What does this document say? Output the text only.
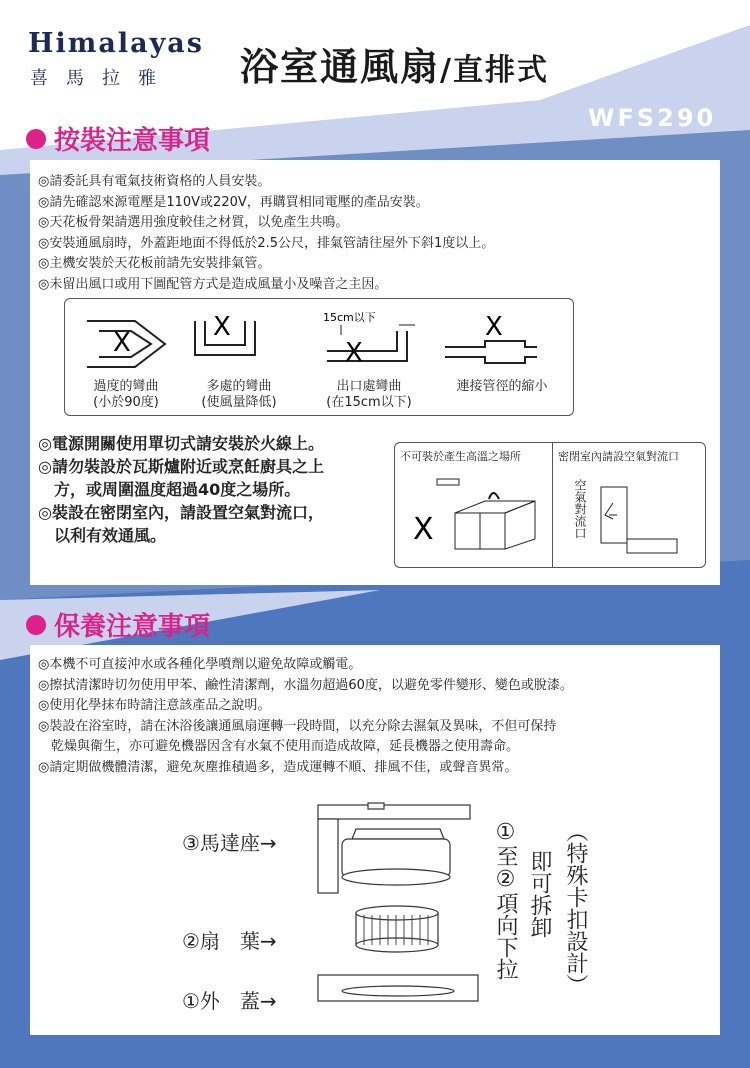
Himalayas
喜馬拉雅 浴室通風扇/直排式
WFS290
按裝注意事項
◎請委託具有電氣技術資格的人員安裝。
◎請先確認來源電壓是110V或220V，再購買相同電壓的產品安裝。
◎天花板骨架請選用強度較佳之材質，以免產生共鳴。
◎安裝通風扇時，外蓋距地面不得低於2.5公尺，排氣管請往屋外下斜1度以上。
◎主機安裝於天花板前請先安裝排氣管。
◎未留出風口或用下圖配管方式是造成風量小及噪音之主因。
X
X
X
X
15cm以下
過度的彎曲
(小於90度)
多處的彎曲
(使風量降低)
出口處彎曲
(在15cm以下)
連接管徑的縮小
◎電源開關使用單切式請安裝於火線上。
◎請勿裝設於瓦斯爐附近或烹飪廚具之上
　方，或周圍溫度超過40度之場所。
◎裝設在密閉室內，請設置空氣對流口，
　以利有效通風。
不可裝於產生高溫之場所	密閉室內請設空氣對流口
X	空氣對流口
保養注意事項
◎本機不可直接沖水或各種化學噴劑以避免故障或觸電。
◎擦拭清潔時切勿使用甲苯、鹼性清潔劑，水溫勿超過60度，以避免零件變形、變色或脫漆。
◎使用化學抹布時請注意該產品之說明。
◎裝設在浴室時，請在沐浴後讓通風扇運轉一段時間，以充分除去濕氣及異味，不但可保持
　乾燥與衛生，亦可避免機器因含有水氣不使用而造成故障，延長機器之使用壽命。
◎請定期做機體清潔，避免灰塵推積過多，造成運轉不順、排風不佳，或聲音異常。
③馬達座→
②扇　葉→
①外　蓋→
①至②項向下拉 即可拆卸 （特殊卡扣設計）
